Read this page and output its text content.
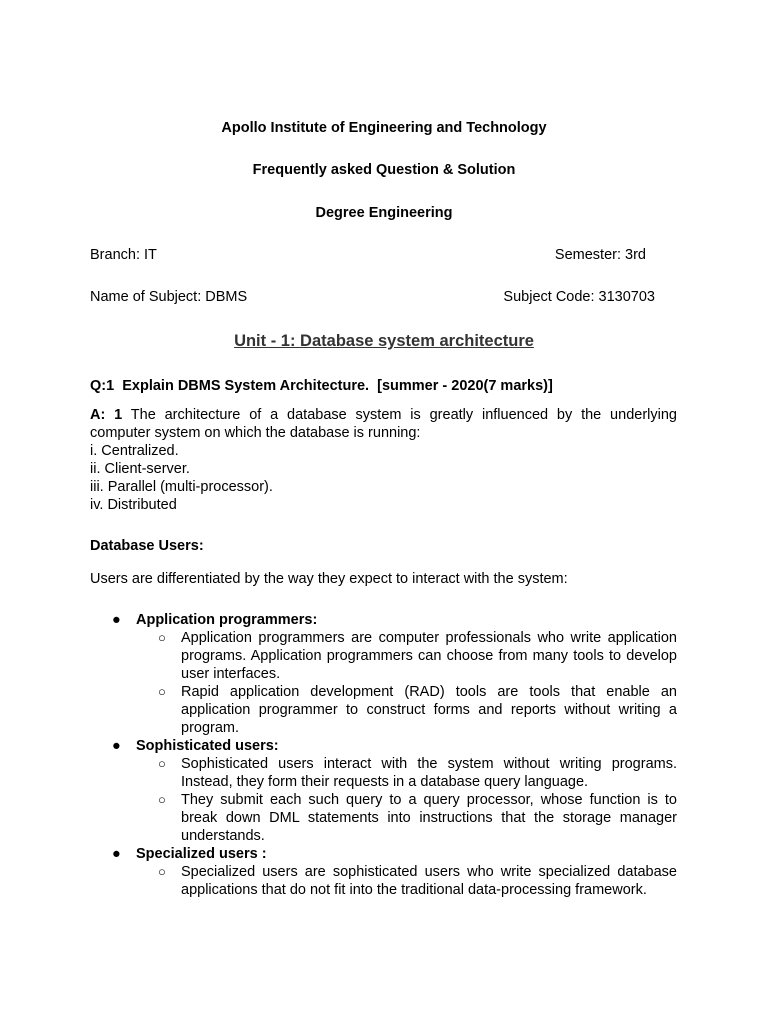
Apollo Institute of Engineering and Technology
Frequently asked Question & Solution
Degree Engineering
Branch: IT	Semester: 3rd
Name of Subject: DBMS	Subject Code: 3130703
Unit - 1: Database system architecture
Q:1  Explain DBMS System Architecture.  [summer - 2020(7 marks)]
A: 1 The architecture of a database system is greatly influenced by the underlying computer system on which the database is running:
i. Centralized.
ii. Client-server.
iii. Parallel (multi-processor).
iv. Distributed
Database Users:
Users are differentiated by the way they expect to interact with the system:
● Application programmers:
○ Application programmers are computer professionals who write application programs. Application programmers can choose from many tools to develop user interfaces.
○ Rapid application development (RAD) tools are tools that enable an application programmer to construct forms and reports without writing a program.
● Sophisticated users:
○ Sophisticated users interact with the system without writing programs. Instead, they form their requests in a database query language.
○ They submit each such query to a query processor, whose function is to break down DML statements into instructions that the storage manager understands.
● Specialized users :
○ Specialized users are sophisticated users who write specialized database applications that do not fit into the traditional data-processing framework.
